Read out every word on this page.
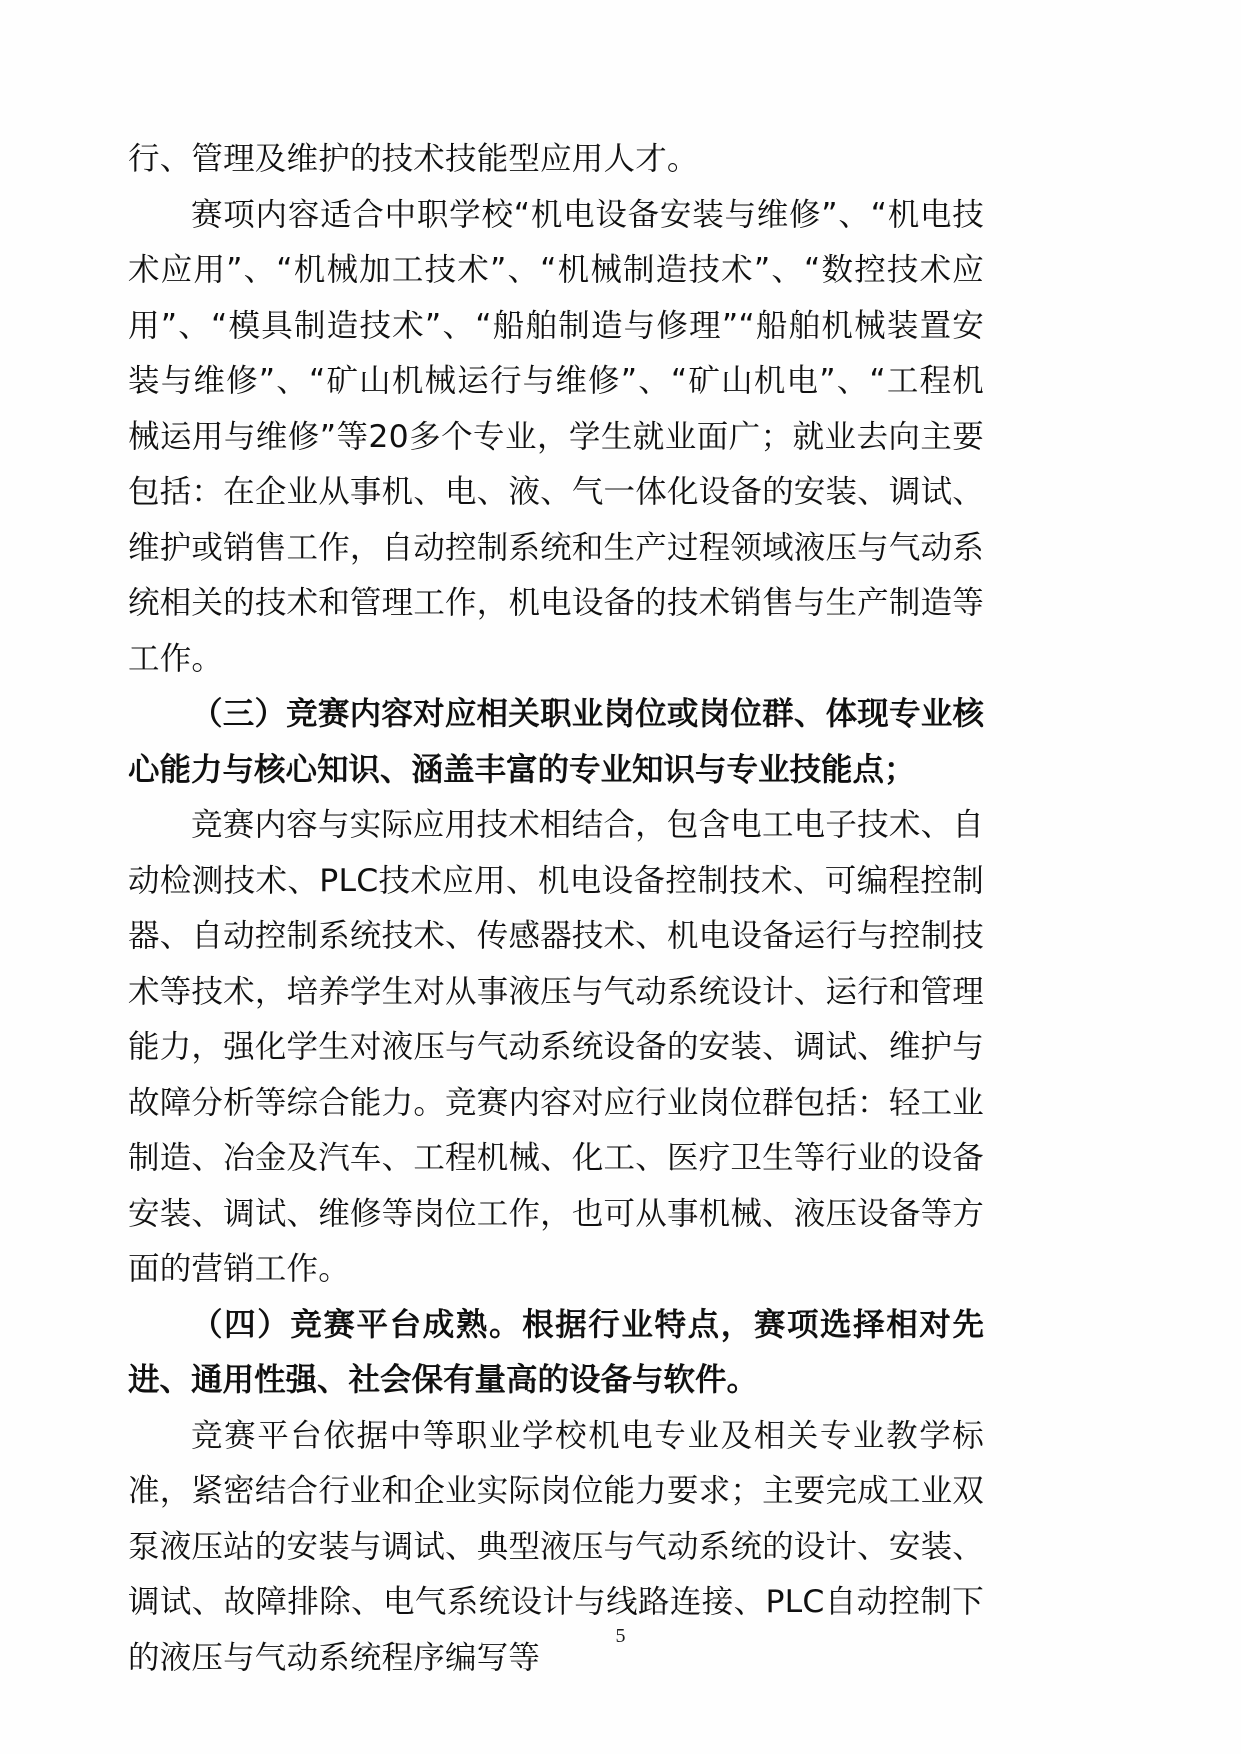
行、管理及维护的技术技能型应用人才。

赛项内容适合中职学校“机电设备安装与维修”、“机电技术应用”、“机械加工技术”、“机械制造技术”、“数控技术应用”、“模具制造技术”、“船舶制造与修理”“船舶机械装置安装与维修”、“矿山机械运行与维修”、“矿山机电”、“工程机械运用与维修”等20多个专业，学生就业面广；就业去向主要包括：在企业从事机、电、液、气一体化设备的安装、调试、维护或销售工作，自动控制系统和生产过程领域液压与气动系统相关的技术和管理工作，机电设备的技术销售与生产制造等工作。

（三）竞赛内容对应相关职业岗位或岗位群、体现专业核心能力与核心知识、涵盖丰富的专业知识与专业技能点；

竞赛内容与实际应用技术相结合，包含电工电子技术、自动检测技术、PLC技术应用、机电设备控制技术、可编程控制器、自动控制系统技术、传感器技术、机电设备运行与控制技术等技术，培养学生对从事液压与气动系统设计、运行和管理能力，强化学生对液压与气动系统设备的安装、调试、维护与故障分析等综合能力。竞赛内容对应行业岗位群包括：轻工业制造、冶金及汽车、工程机械、化工、医疗卫生等行业的设备安装、调试、维修等岗位工作，也可从事机械、液压设备等方面的营销工作。

（四）竞赛平台成熟。根据行业特点，赛项选择相对先进、通用性强、社会保有量高的设备与软件。

竞赛平台依据中等职业学校机电专业及相关专业教学标准，紧密结合行业和企业实际岗位能力要求；主要完成工业双泵液压站的安装与调试、典型液压与气动系统的设计、安装、调试、故障排除、电气系统设计与线路连接、PLC自动控制下的液压与气动系统程序编写等

5
